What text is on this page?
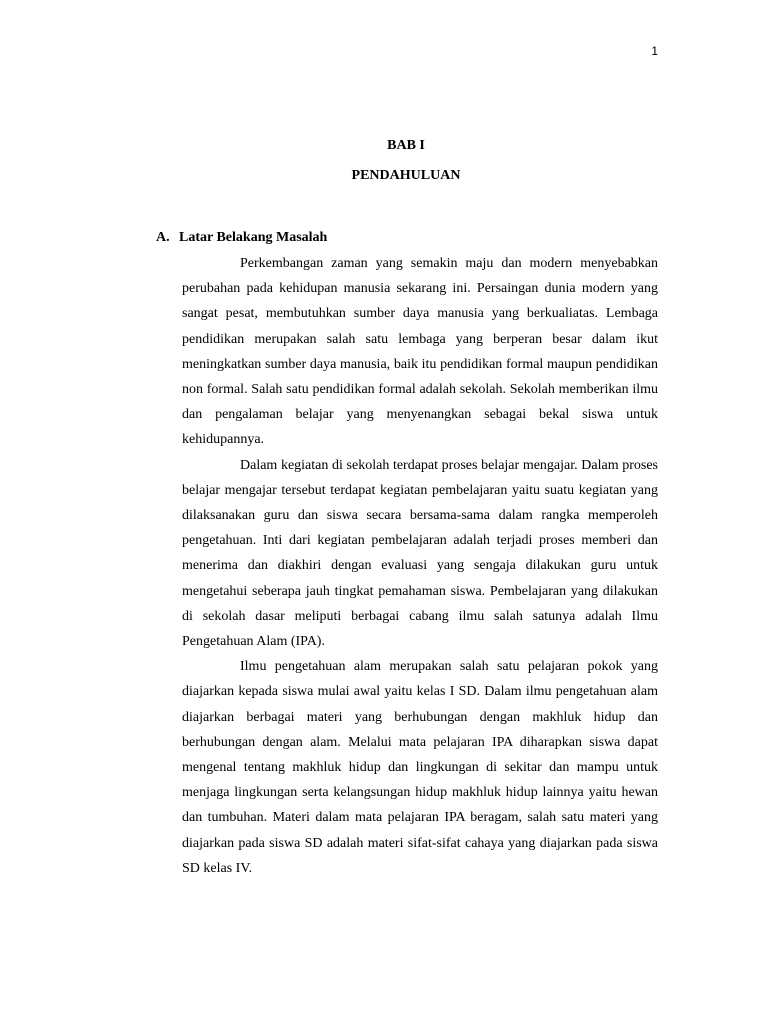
1
BAB I
PENDAHULUAN
A. Latar Belakang Masalah

Perkembangan zaman yang semakin maju dan modern menyebabkan perubahan pada kehidupan manusia sekarang ini. Persaingan dunia modern yang sangat pesat, membutuhkan sumber daya manusia yang berkualiatas. Lembaga pendidikan merupakan salah satu lembaga yang berperan besar dalam ikut meningkatkan sumber daya manusia, baik itu pendidikan formal maupun pendidikan non formal. Salah satu pendidikan formal adalah sekolah. Sekolah memberikan ilmu dan pengalaman belajar yang menyenangkan sebagai bekal siswa untuk kehidupannya.

Dalam kegiatan di sekolah terdapat proses belajar mengajar. Dalam proses belajar mengajar tersebut terdapat kegiatan pembelajaran yaitu suatu kegiatan yang dilaksanakan guru dan siswa secara bersama-sama dalam rangka memperoleh pengetahuan. Inti dari kegiatan pembelajaran adalah terjadi proses memberi dan menerima dan diakhiri dengan evaluasi yang sengaja dilakukan guru untuk mengetahui seberapa jauh tingkat pemahaman siswa. Pembelajaran yang dilakukan di sekolah dasar meliputi berbagai cabang ilmu salah satunya adalah Ilmu Pengetahuan Alam (IPA).

Ilmu pengetahuan alam merupakan salah satu pelajaran pokok yang diajarkan kepada siswa mulai awal yaitu kelas I SD. Dalam ilmu pengetahuan alam diajarkan berbagai materi yang berhubungan dengan makhluk hidup dan berhubungan dengan alam. Melalui mata pelajaran IPA diharapkan siswa dapat mengenal tentang makhluk hidup dan lingkungan di sekitar dan mampu untuk menjaga lingkungan serta kelangsungan hidup makhluk hidup lainnya yaitu hewan dan tumbuhan. Materi dalam mata pelajaran IPA beragam, salah satu materi yang diajarkan pada siswa SD adalah materi sifat-sifat cahaya yang diajarkan pada siswa SD kelas IV.
